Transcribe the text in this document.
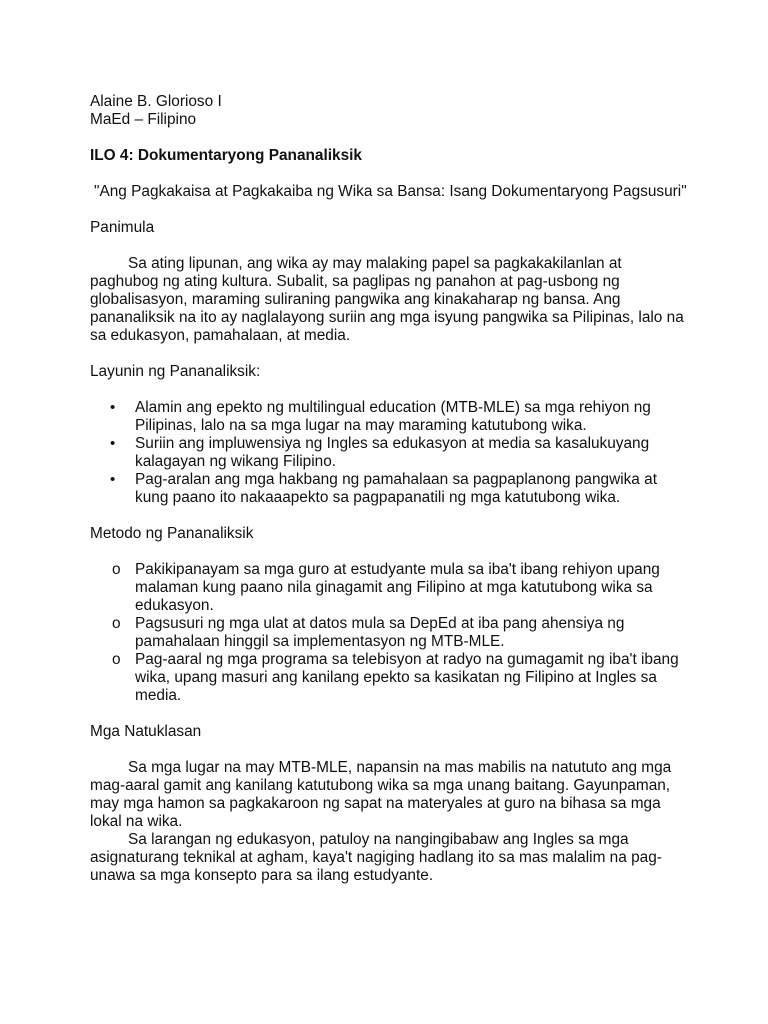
Alaine B. Glorioso I
MaEd – Filipino

ILO 4: Dokumentaryong Pananaliksik

"Ang Pagkakaisa at Pagkakaiba ng Wika sa Bansa: Isang Dokumentaryong Pagsusuri"

Panimula

Sa ating lipunan, ang wika ay may malaking papel sa pagkakakilanlan at paghubog ng ating kultura. Subalit, sa paglipas ng panahon at pag-usbong ng globalisasyon, maraming suliraning pangwika ang kinakaharap ng bansa. Ang pananaliksik na ito ay naglalayong suriin ang mga isyung pangwika sa Pilipinas, lalo na sa edukasyon, pamahalaan, at media.

Layunin ng Pananaliksik:

• Alamin ang epekto ng multilingual education (MTB-MLE) sa mga rehiyon ng Pilipinas, lalo na sa mga lugar na may maraming katutubong wika.
• Suriin ang impluwensiya ng Ingles sa edukasyon at media sa kasalukuyang kalagayan ng wikang Filipino.
• Pag-aralan ang mga hakbang ng pamahalaan sa pagpaplanong pangwika at kung paano ito nakaaapekto sa pagpapanatili ng mga katutubong wika.

Metodo ng Pananaliksik

o Pakikipanayam sa mga guro at estudyante mula sa iba't ibang rehiyon upang malaman kung paano nila ginagamit ang Filipino at mga katutubong wika sa edukasyon.
o Pagsusuri ng mga ulat at datos mula sa DepEd at iba pang ahensiya ng pamahalaan hinggil sa implementasyon ng MTB-MLE.
o Pag-aaral ng mga programa sa telebisyon at radyo na gumagamit ng iba't ibang wika, upang masuri ang kanilang epekto sa kasikatan ng Filipino at Ingles sa media.

Mga Natuklasan

Sa mga lugar na may MTB-MLE, napansin na mas mabilis na natututo ang mga mag-aaral gamit ang kanilang katutubong wika sa mga unang baitang. Gayunpaman, may mga hamon sa pagkakaroon ng sapat na materyales at guro na bihasa sa mga lokal na wika.

Sa larangan ng edukasyon, patuloy na nangingibabaw ang Ingles sa mga asignaturang teknikal at agham, kaya't nagiging hadlang ito sa mas malalim na pag-unawa sa mga konsepto para sa ilang estudyante.
